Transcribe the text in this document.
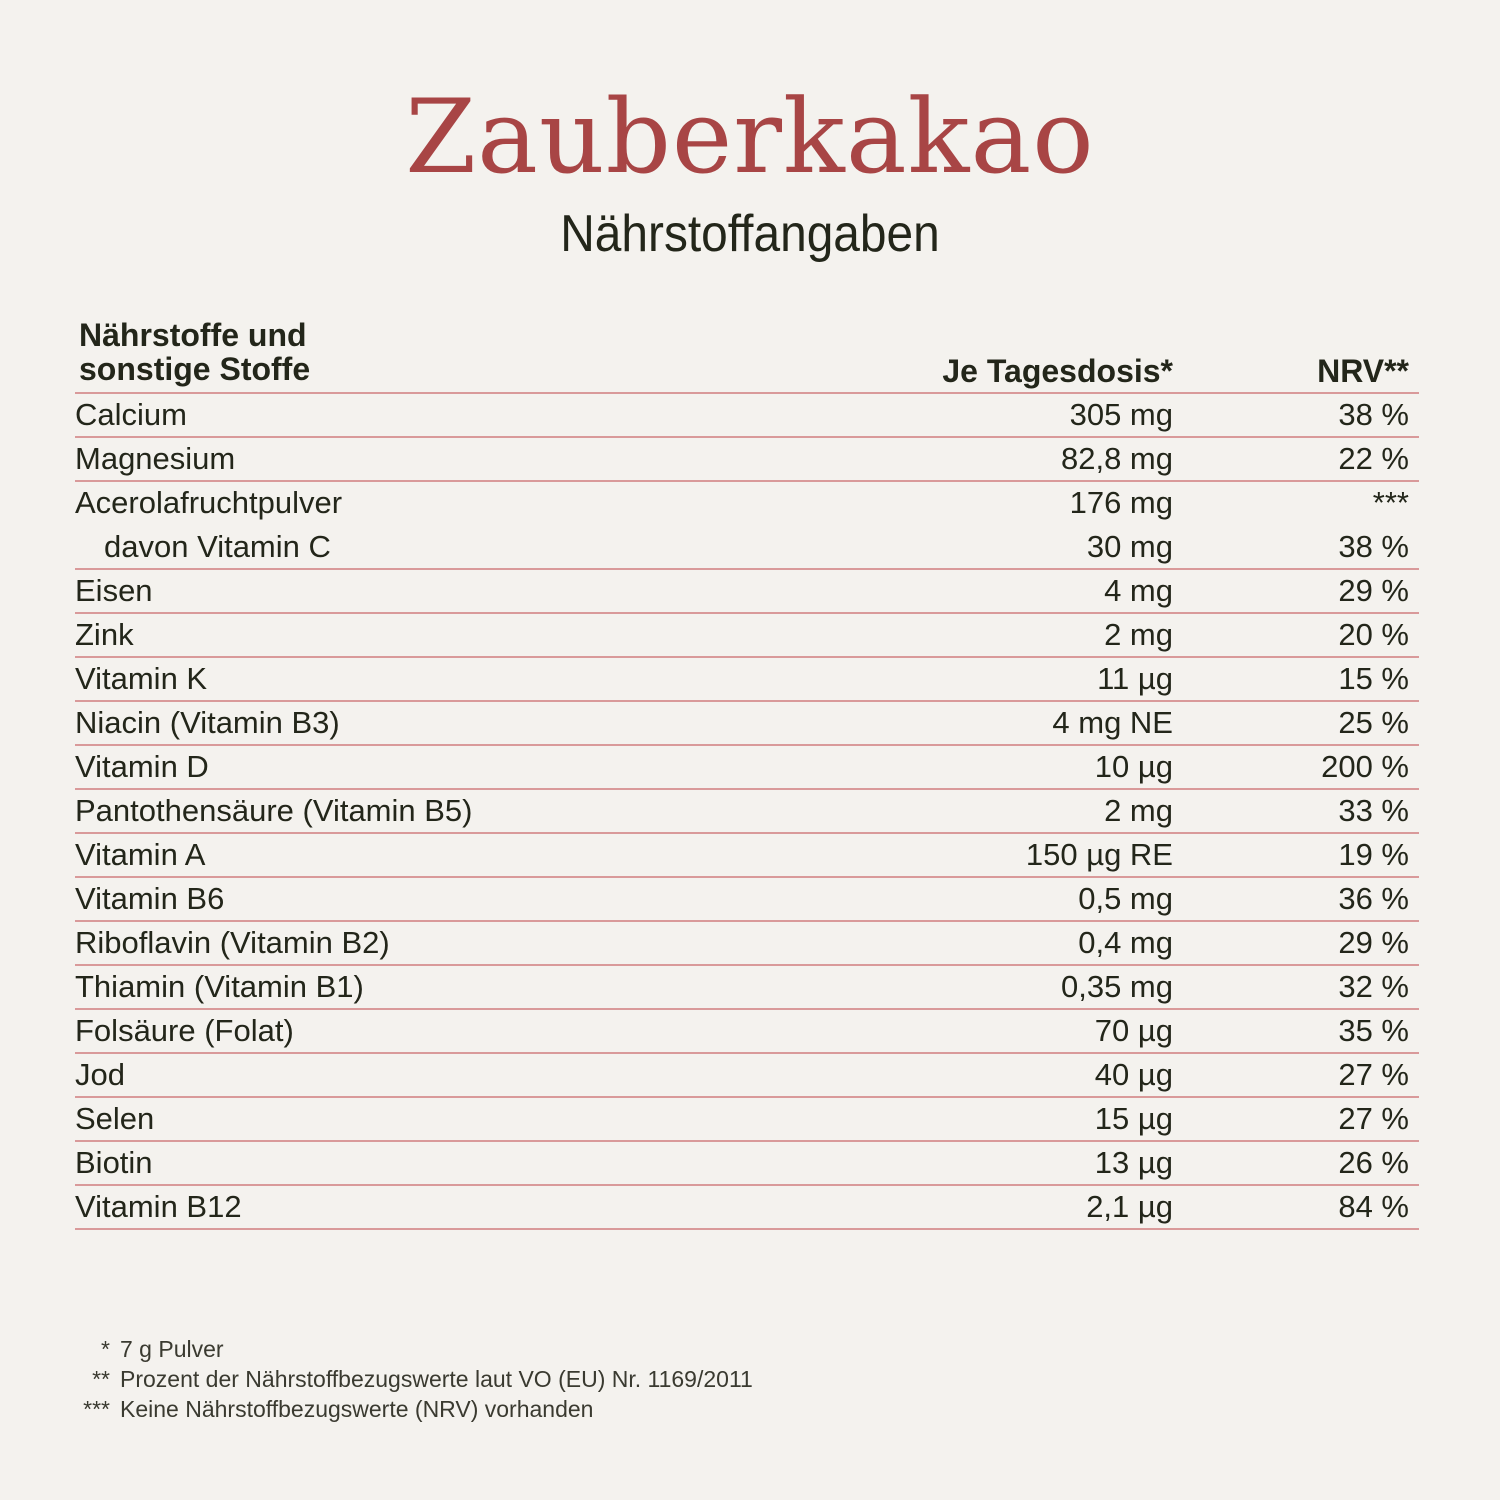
Zauberkakao
Nährstoffangaben
Nährstoffe und
sonstige Stoffe	Je Tagesdosis*	NRV**
Calcium	305 mg	38 %
Magnesium	82,8 mg	22 %
Acerolafruchtpulver	176 mg	***
davon Vitamin C	30 mg	38 %
Eisen	4 mg	29 %
Zink	2 mg	20 %
Vitamin K	11 µg	15 %
Niacin (Vitamin B3)	4 mg NE	25 %
Vitamin D	10 µg	200 %
Pantothensäure (Vitamin B5)	2 mg	33 %
Vitamin A	150 µg RE	19 %
Vitamin B6	0,5 mg	36 %
Riboflavin (Vitamin B2)	0,4 mg	29 %
Thiamin (Vitamin B1)	0,35 mg	32 %
Folsäure (Folat)	70 µg	35 %
Jod	40 µg	27 %
Selen	15 µg	27 %
Biotin	13 µg	26 %
Vitamin B12	2,1 µg	84 %
* 7 g Pulver
** Prozent der Nährstoffbezugswerte laut VO (EU) Nr. 1169/2011
*** Keine Nährstoffbezugswerte (NRV) vorhanden
